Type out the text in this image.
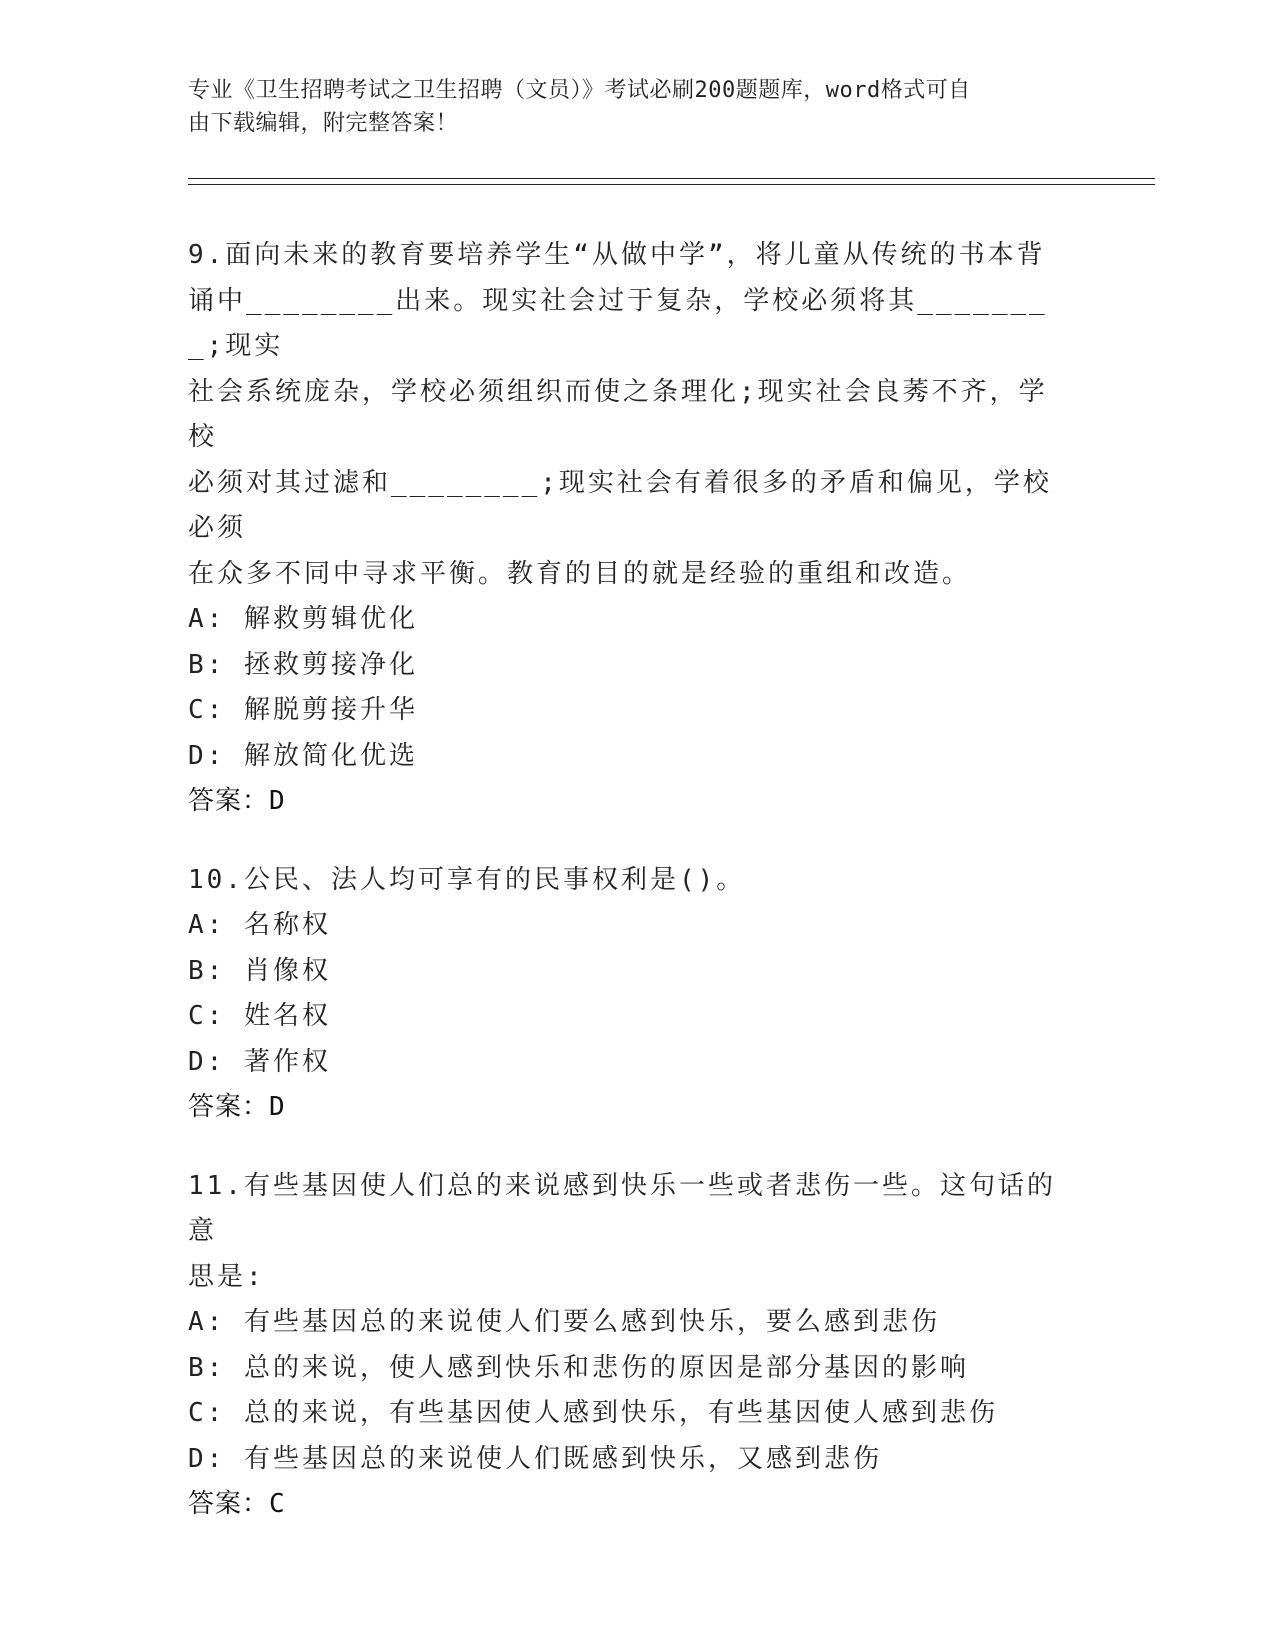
专业《卫生招聘考试之卫生招聘（文员）》考试必刷200题题库，word格式可自
由下载编辑，附完整答案！
9.面向未来的教育要培养学生“从做中学”，将儿童从传统的书本背
诵中________出来。现实社会过于复杂，学校必须将其________;现实
社会系统庞杂，学校必须组织而使之条理化;现实社会良莠不齐，学校
必须对其过滤和________;现实社会有着很多的矛盾和偏见，学校必须
在众多不同中寻求平衡。教育的目的就是经验的重组和改造。
A: 解救剪辑优化
B: 拯救剪接净化
C: 解脱剪接升华
D: 解放简化优选
答案：D
10.公民、法人均可享有的民事权利是()。
A: 名称权
B: 肖像权
C: 姓名权
D: 著作权
答案：D
11.有些基因使人们总的来说感到快乐一些或者悲伤一些。这句话的意
思是:
A: 有些基因总的来说使人们要么感到快乐，要么感到悲伤
B: 总的来说，使人感到快乐和悲伤的原因是部分基因的影响
C: 总的来说，有些基因使人感到快乐，有些基因使人感到悲伤
D: 有些基因总的来说使人们既感到快乐，又感到悲伤
答案：C
